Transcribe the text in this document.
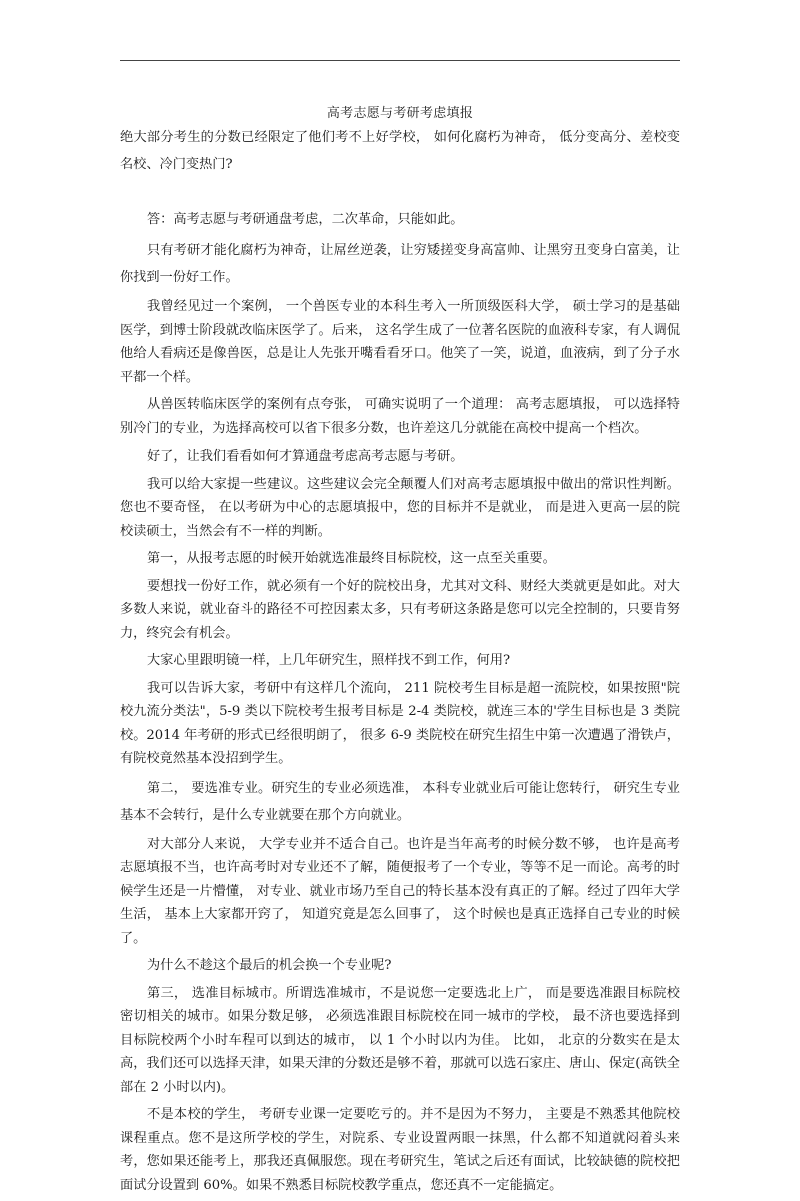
高考志愿与考研考虑填报

绝大部分考生的分数已经限定了他们考不上好学校， 如何化腐朽为神奇， 低分变高分、差校变名校、冷门变热门?

答：高考志愿与考研通盘考虑，二次革命，只能如此。

只有考研才能化腐朽为神奇，让屌丝逆袭，让穷矮搓变身高富帅、让黑穷丑变身白富美，让你找到一份好工作。

我曾经见过一个案例， 一个兽医专业的本科生考入一所顶级医科大学， 硕士学习的是基础医学，到博士阶段就改临床医学了。后来， 这名学生成了一位著名医院的血液科专家，有人调侃他给人看病还是像兽医，总是让人先张开嘴看看牙口。他笑了一笑，说道，血液病，到了分子水平都一个样。

从兽医转临床医学的案例有点夸张， 可确实说明了一个道理： 高考志愿填报， 可以选择特别冷门的专业，为选择高校可以省下很多分数，也许差这几分就能在高校中提高一个档次。

好了，让我们看看如何才算通盘考虑高考志愿与考研。

我可以给大家提一些建议。这些建议会完全颠覆人们对高考志愿填报中做出的常识性判断。您也不要奇怪， 在以考研为中心的志愿填报中，您的目标并不是就业， 而是进入更高一层的院校读硕士，当然会有不一样的判断。

第一，从报考志愿的时候开始就选准最终目标院校，这一点至关重要。

要想找一份好工作，就必须有一个好的院校出身，尤其对文科、财经大类就更是如此。对大多数人来说，就业奋斗的路径不可控因素太多，只有考研这条路是您可以完全控制的，只要肯努力，终究会有机会。

大家心里跟明镜一样，上几年研究生，照样找不到工作，何用?

我可以告诉大家，考研中有这样几个流向， 211 院校考生目标是超一流院校，如果按照"院校九流分类法"，5-9 类以下院校考生报考目标是 2-4 类院校，就连三本的'学生目标也是 3 类院校。2014 年考研的形式已经很明朗了， 很多 6-9 类院校在研究生招生中第一次遭遇了滑铁卢，有院校竟然基本没招到学生。

第二， 要选准专业。研究生的专业必须选准， 本科专业就业后可能让您转行， 研究生专业基本不会转行，是什么专业就要在那个方向就业。

对大部分人来说， 大学专业并不适合自己。也许是当年高考的时候分数不够， 也许是高考志愿填报不当，也许高考时对专业还不了解，随便报考了一个专业，等等不足一而论。高考的时候学生还是一片懵懂， 对专业、就业市场乃至自己的特长基本没有真正的了解。经过了四年大学生活， 基本上大家都开窍了， 知道究竟是怎么回事了， 这个时候也是真正选择自己专业的时候了。

为什么不趁这个最后的机会换一个专业呢?

第三， 选准目标城市。所谓选准城市，不是说您一定要选北上广， 而是要选准跟目标院校密切相关的城市。如果分数足够， 必须选准跟目标院校在同一城市的学校， 最不济也要选择到目标院校两个小时车程可以到达的城市， 以 1 个小时以内为佳。 比如， 北京的分数实在是太高，我们还可以选择天津，如果天津的分数还是够不着，那就可以选石家庄、唐山、保定(高铁全部在 2 小时以内)。

不是本校的学生， 考研专业课一定要吃亏的。并不是因为不努力， 主要是不熟悉其他院校课程重点。您不是这所学校的学生，对院系、专业设置两眼一抹黑，什么都不知道就闷着头来考，您如果还能考上，那我还真佩服您。现在考研究生，笔试之后还有面试，比较缺德的院校把面试分设置到 60%。如果不熟悉目标院校教学重点，您还真不一定能搞定。
